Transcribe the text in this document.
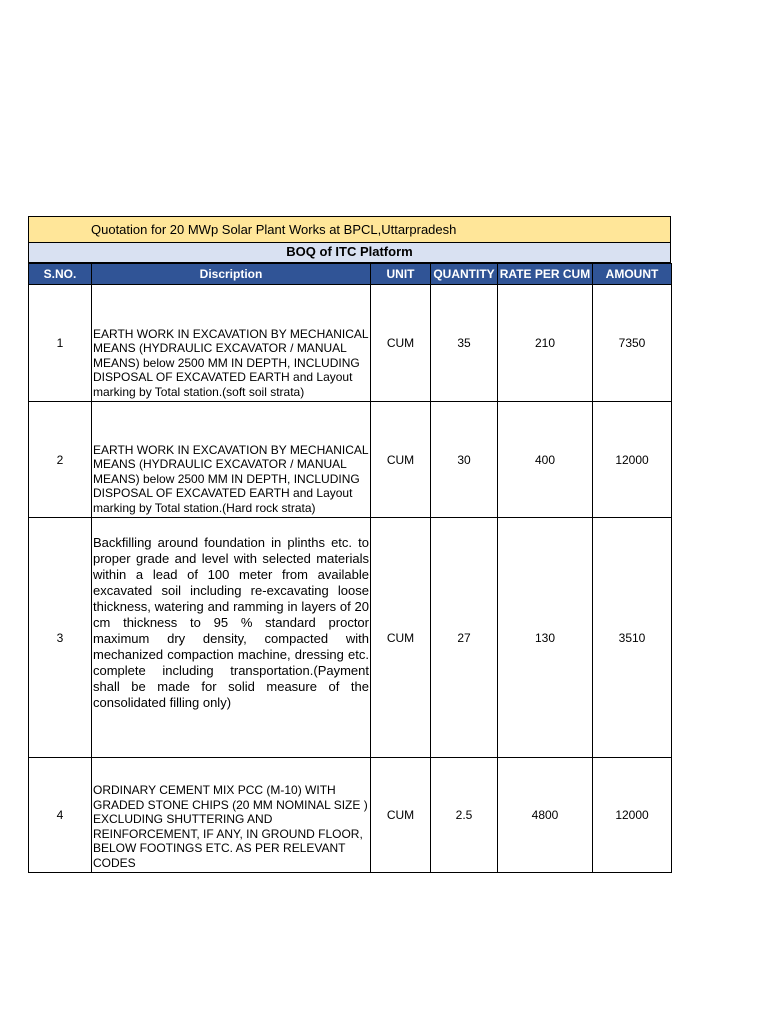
Quotation for 20 MWp Solar Plant Works at BPCL,Uttarpradesh
BOQ of ITC Platform
S.NO.	Discription	UNIT	QUANTITY	RATE PER CUM	AMOUNT
1	EARTH WORK IN EXCAVATION BY MECHANICAL MEANS (HYDRAULIC EXCAVATOR / MANUAL MEANS) below 2500 MM IN DEPTH, INCLUDING DISPOSAL OF EXCAVATED EARTH and Layout marking by Total station.(soft soil strata)	CUM	35	210	7350
2	EARTH WORK IN EXCAVATION BY MECHANICAL MEANS (HYDRAULIC EXCAVATOR / MANUAL MEANS) below 2500 MM IN DEPTH, INCLUDING DISPOSAL OF EXCAVATED EARTH and Layout marking by Total station.(Hard rock strata)	CUM	30	400	12000
3	Backfilling around foundation in plinths etc. to proper grade and level with selected materials within a lead of 100 meter from available excavated soil including re-excavating loose thickness, watering and ramming in layers of 20 cm thickness to 95 % standard proctor maximum dry density, compacted with mechanized compaction machine, dressing etc. complete including transportation.(Payment shall be made for solid measure of the consolidated filling only)	CUM	27	130	3510
4	ORDINARY CEMENT MIX PCC (M-10) WITH GRADED STONE CHIPS (20 MM NOMINAL SIZE ) EXCLUDING SHUTTERING AND REINFORCEMENT, IF ANY, IN GROUND FLOOR, BELOW FOOTINGS ETC. AS PER RELEVANT CODES	CUM	2.5	4800	12000
